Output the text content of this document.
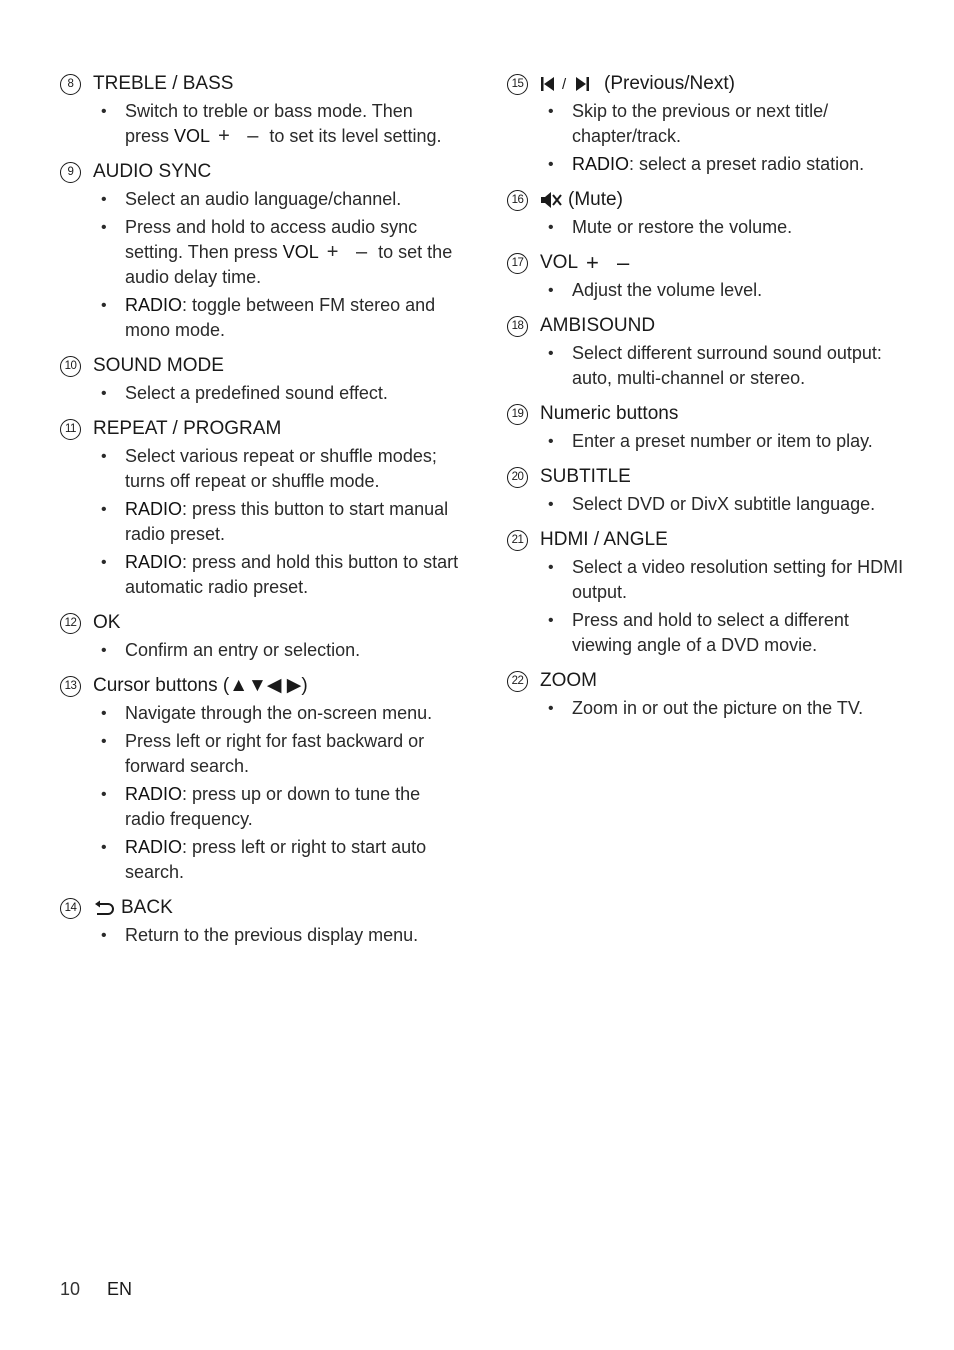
8	TREBLE / BASS
• Switch to treble or bass mode. Then press VOL + – to set its level setting.
9	AUDIO SYNC
• Select an audio language/channel.
• Press and hold to access audio sync setting. Then press VOL + – to set the audio delay time.
• RADIO: toggle between FM stereo and mono mode.
10 SOUND MODE
• Select a predefined sound effect.
11 REPEAT / PROGRAM
• Select various repeat or shuffle modes; turns off repeat or shuffle mode.
• RADIO: press this button to start manual radio preset.
• RADIO: press and hold this button to start automatic radio preset.
12 OK
• Confirm an entry or selection.
13 Cursor buttons (▲▼◀ ▶)
• Navigate through the on-screen menu.
• Press left or right for fast backward or forward search.
• RADIO: press up or down to tune the radio frequency.
• RADIO: press left or right to start auto search.
14 BACK
• Return to the previous display menu.
15	/ (Previous/Next)
• Skip to the previous or next title/ chapter/track.
• RADIO: select a preset radio station.
16 (Mute)
• Mute or restore the volume.
17 VOL + –
• Adjust the volume level.
18 AMBISOUND
• Select different surround sound output: auto, multi-channel or stereo.
19 Numeric buttons
• Enter a preset number or item to play.
20 SUBTITLE
• Select DVD or DivX subtitle language.
21 HDMI / ANGLE
• Select a video resolution setting for HDMI output.
• Press and hold to select a different viewing angle of a DVD movie.
22 ZOOM
• Zoom in or out the picture on the TV.
10 EN
